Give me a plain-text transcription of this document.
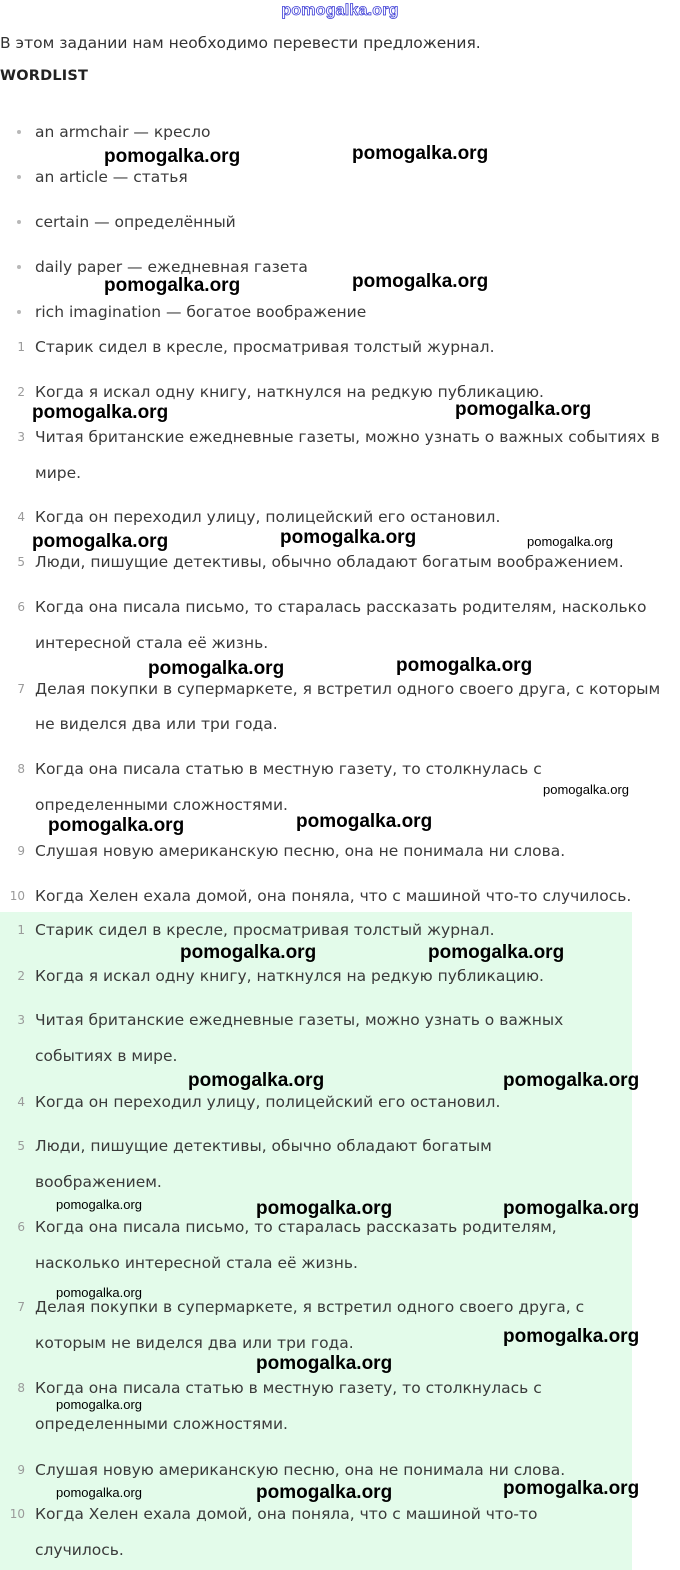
pomogalka.org
В этом задании нам необходимо перевести предложения.
WORDLIST
an armchair — кресло
an article — статья
certain — определённый
daily paper — ежедневная газета
rich imagination — богатое воображение
1 Старик сидел в кресле, просматривая толстый журнал.
2 Когда я искал одну книгу, наткнулся на редкую публикацию.
3 Читая британские ежедневные газеты, можно узнать о важных событиях в
мире.
4 Когда он переходил улицу, полицейский его остановил.
5 Люди, пишущие детективы, обычно обладают богатым воображением.
6 Когда она писала письмо, то старалась рассказать родителям, насколько
интересной стала её жизнь.
7 Делая покупки в супермаркете, я встретил одного своего друга, с которым
не виделся два или три года.
8 Когда она писала статью в местную газету, то столкнулась с
определенными сложностями.
9 Слушая новую американскую песню, она не понимала ни слова.
10 Когда Хелен ехала домой, она поняла, что с машиной что-то случилось.
1 Старик сидел в кресле, просматривая толстый журнал.
2 Когда я искал одну книгу, наткнулся на редкую публикацию.
3 Читая британские ежедневные газеты, можно узнать о важных
событиях в мире.
4 Когда он переходил улицу, полицейский его остановил.
5 Люди, пишущие детективы, обычно обладают богатым
воображением.
6 Когда она писала письмо, то старалась рассказать родителям,
насколько интересной стала её жизнь.
7 Делая покупки в супермаркете, я встретил одного своего друга, с
которым не виделся два или три года.
8 Когда она писала статью в местную газету, то столкнулась с
определенными сложностями.
9 Слушая новую американскую песню, она не понимала ни слова.
10 Когда Хелен ехала домой, она поняла, что с машиной что-то
случилось.
pomogalka.org	pomogalka.org
pomogalka.org	pomogalka.org
pomogalka.org	pomogalka.org
pomogalka.org	pomogalka.org	pomogalka.org
pomogalka.org	pomogalka.org
pomogalka.org
pomogalka.org	pomogalka.org
pomogalka.org	pomogalka.org
pomogalka.org	pomogalka.org
pomogalka.org	pomogalka.org	pomogalka.org
pomogalka.org
pomogalka.org
pomogalka.org
pomogalka.org
pomogalka.org	pomogalka.org	pomogalka.org
